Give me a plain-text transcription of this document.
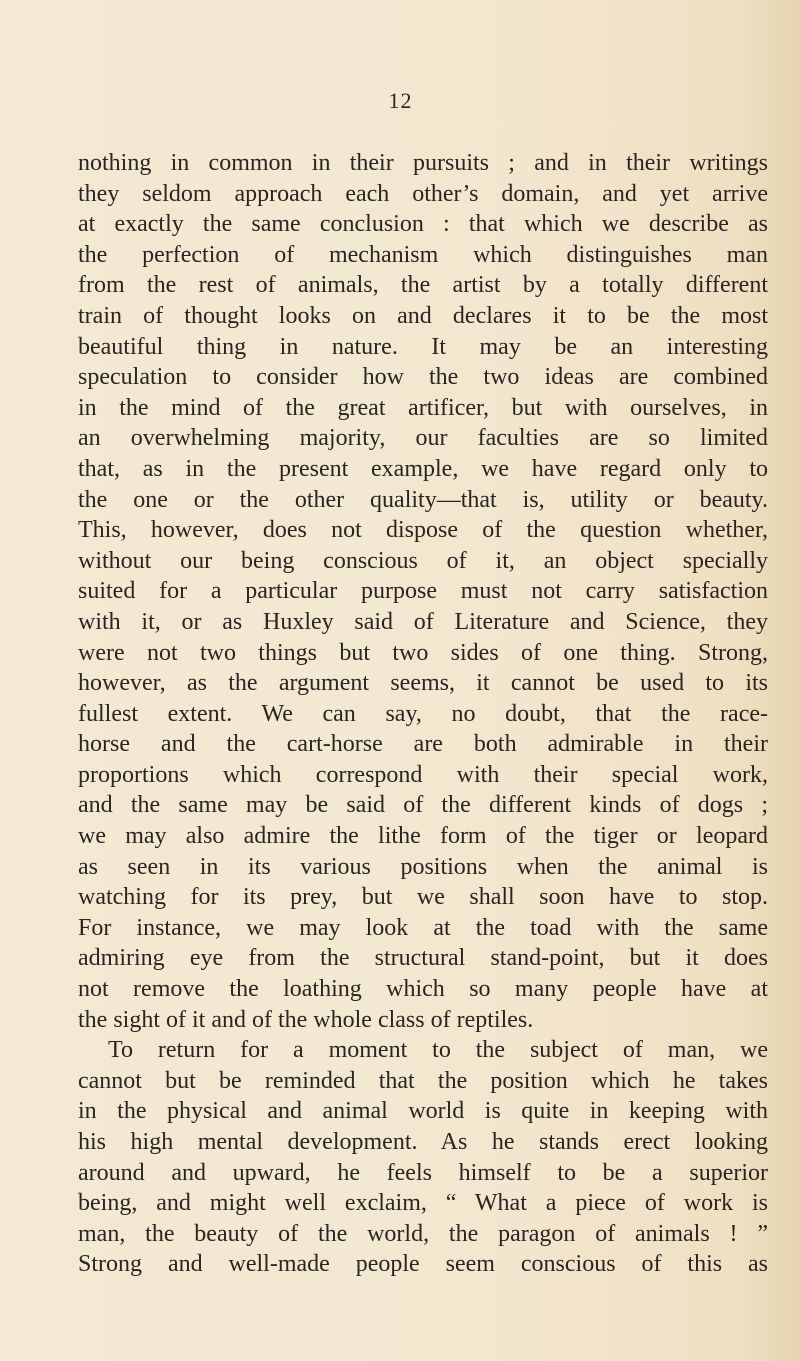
12
nothing in common in their pursuits ; and in their writings
they seldom approach each other’s domain, and yet arrive
at exactly the same conclusion : that which we describe as
the perfection of mechanism which distinguishes man
from the rest of animals, the artist by a totally different
train of thought looks on and declares it to be the most
beautiful thing in nature. It may be an interesting
speculation to consider how the two ideas are combined
in the mind of the great artificer, but with ourselves, in
an overwhelming majority, our faculties are so limited
that, as in the present example, we have regard only to
the one or the other quality—that is, utility or beauty.
This, however, does not dispose of the question whether,
without our being conscious of it, an object specially
suited for a particular purpose must not carry satisfaction
with it, or as Huxley said of Literature and Science, they
were not two things but two sides of one thing. Strong,
however, as the argument seems, it cannot be used to its
fullest extent. We can say, no doubt, that the race-
horse and the cart-horse are both admirable in their
proportions which correspond with their special work,
and the same may be said of the different kinds of dogs ;
we may also admire the lithe form of the tiger or leopard
as seen in its various positions when the animal is
watching for its prey, but we shall soon have to stop.
For instance, we may look at the toad with the same
admiring eye from the structural stand-point, but it does
not remove the loathing which so many people have at
the sight of it and of the whole class of reptiles.
To return for a moment to the subject of man, we
cannot but be reminded that the position which he takes
in the physical and animal world is quite in keeping with
his high mental development. As he stands erect looking
around and upward, he feels himself to be a superior
being, and might well exclaim, “ What a piece of work is
man, the beauty of the world, the paragon of animals ! ”
Strong and well-made people seem conscious of this as
